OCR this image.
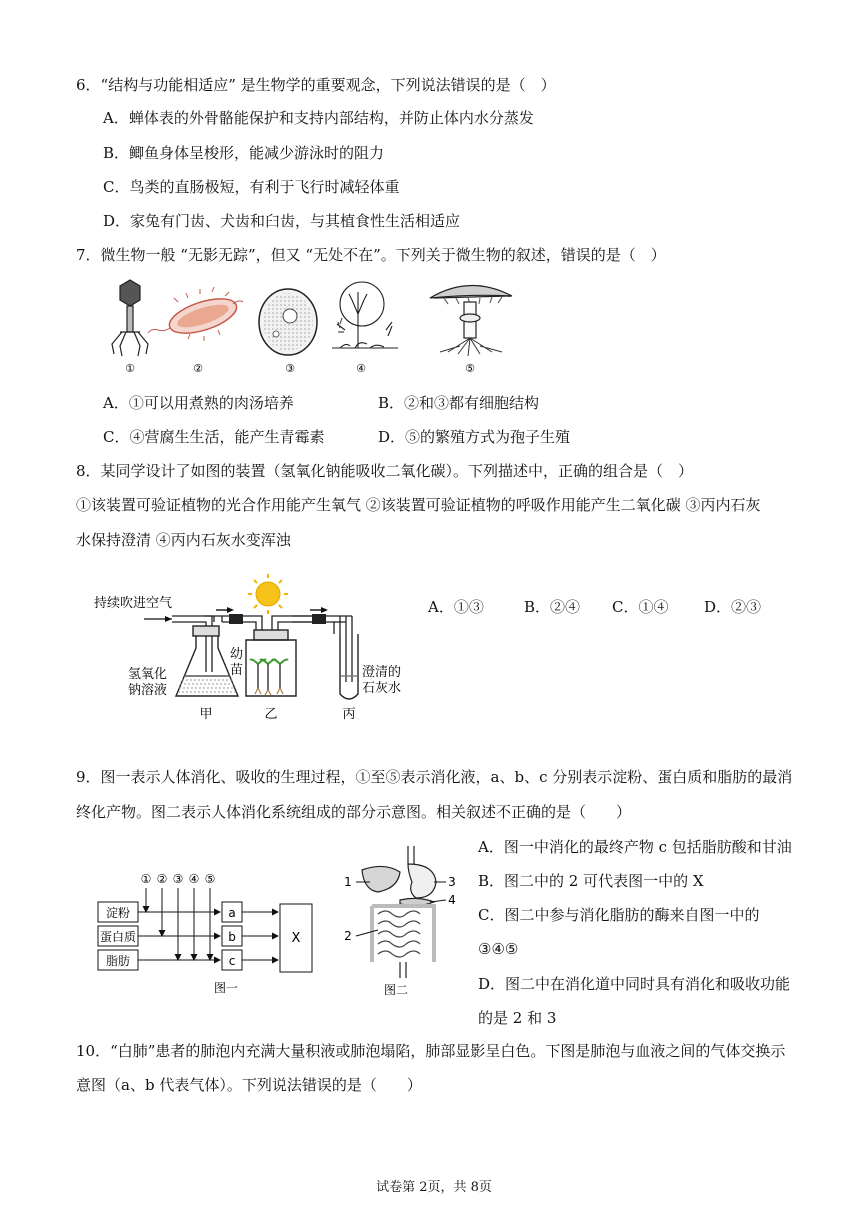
6．“结构与功能相适应” 是生物学的重要观念，下列说法错误的是（　）
A．蝉体表的外骨骼能保护和支持内部结构，并防止体内水分蒸发
B．鲫鱼身体呈梭形，能减少游泳时的阻力
C．鸟类的直肠极短，有利于飞行时减轻体重
D．家兔有门齿、犬齿和臼齿，与其植食性生活相适应
7．微生物一般 “无影无踪”，但又 “无处不在”。下列关于微生物的叙述，错误的是（　）
①	②	③	④	⑤
A．①可以用煮熟的肉汤培养	B．②和③都有细胞结构
C．④营腐生生活，能产生青霉素	D．⑤的繁殖方式为孢子生殖
8．某同学设计了如图的装置（氢氧化钠能吸收二氧化碳）。下列描述中，正确的组合是（　）
①该装置可验证植物的光合作用能产生氧气 ②该装置可验证植物的呼吸作用能产生二氧化碳 ③丙内石灰
水保持澄清 ④丙内石灰水变浑浊
持续吹进空气
氢氧化
钠溶液
幼
苗	澄清的
石灰水
甲	乙	丙
A．①③	B．②④ C．①④ D．②③
9．图一表示人体消化、吸收的生理过程，①至⑤表示消化液，a、b、c 分别表示淀粉、蛋白质和脂肪的最消
终化产物。图二表示人体消化系统组成的部分示意图。相关叙述不正确的是（　　）
① ② ③ ④ ⑤
淀粉
蛋白质
脂肪
a
b
c
X
图一
1
2
3
4
图二
A．图一中消化的最终产物 c 包括脂肪酸和甘油
B．图二中的 2 可代表图一中的 X
C．图二中参与消化脂肪的酶来自图一中的
③④⑤
D．图二中在消化道中同时具有消化和吸收功能
的是 2 和 3
10．“白肺”患者的肺泡内充满大量积液或肺泡塌陷，肺部显影呈白色。下图是肺泡与血液之间的气体交换示
意图（a、b 代表气体）。下列说法错误的是（　　）
试卷第 2页，共 8页
